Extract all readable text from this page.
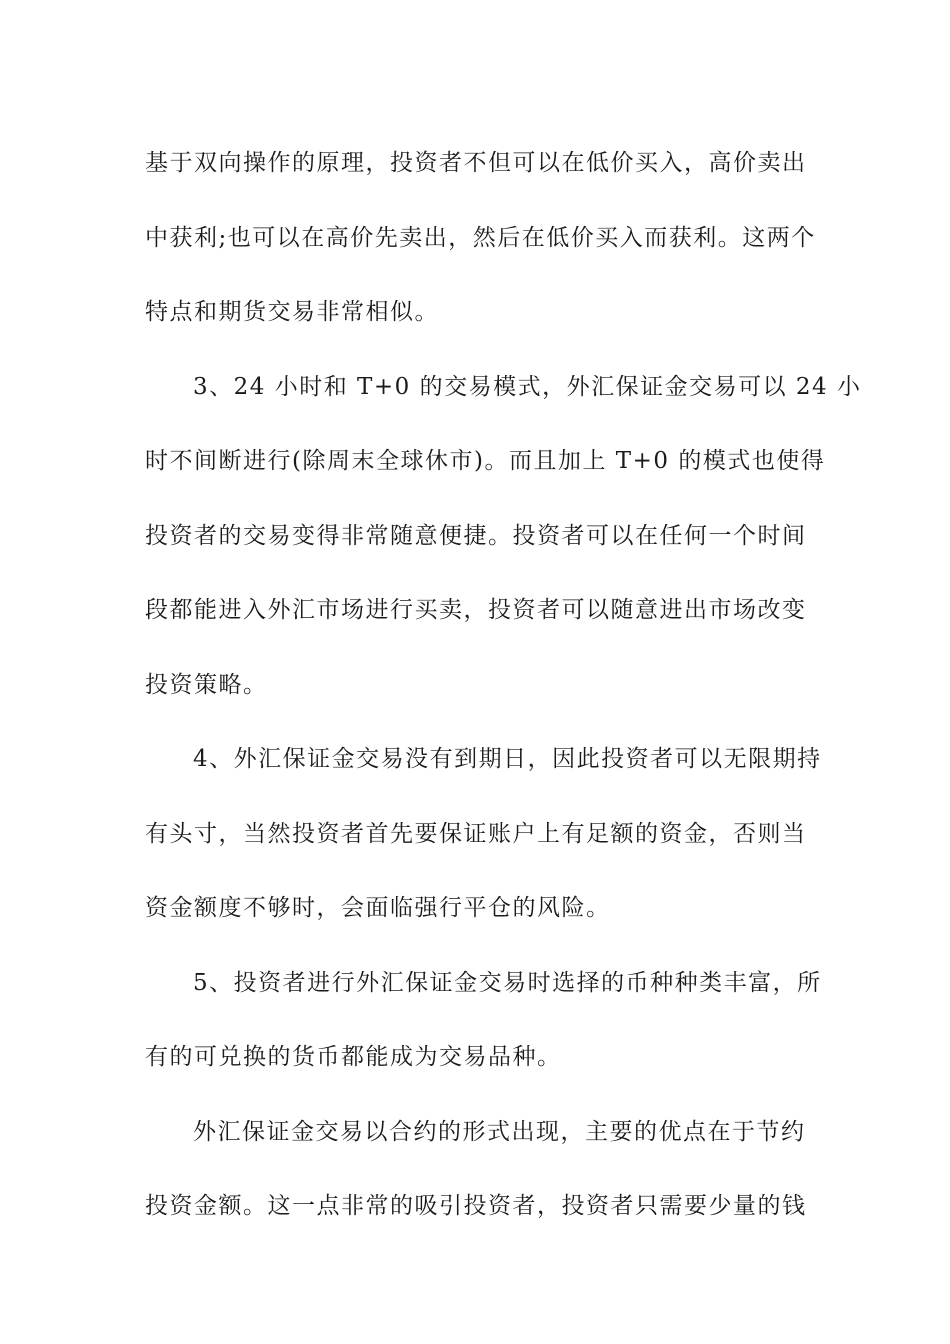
基于双向操作的原理，投资者不但可以在低价买入，高价卖出
中获利;也可以在高价先卖出，然后在低价买入而获利。这两个
特点和期货交易非常相似。
3、24 小时和 T+0 的交易模式，外汇保证金交易可以 24 小
时不间断进行(除周末全球休市)。而且加上 T+0 的模式也使得
投资者的交易变得非常随意便捷。投资者可以在任何一个时间
段都能进入外汇市场进行买卖，投资者可以随意进出市场改变
投资策略。
4、外汇保证金交易没有到期日，因此投资者可以无限期持
有头寸，当然投资者首先要保证账户上有足额的资金，否则当
资金额度不够时，会面临强行平仓的风险。
5、投资者进行外汇保证金交易时选择的币种种类丰富，所
有的可兑换的货币都能成为交易品种。
外汇保证金交易以合约的形式出现，主要的优点在于节约
投资金额。这一点非常的吸引投资者，投资者只需要少量的钱
